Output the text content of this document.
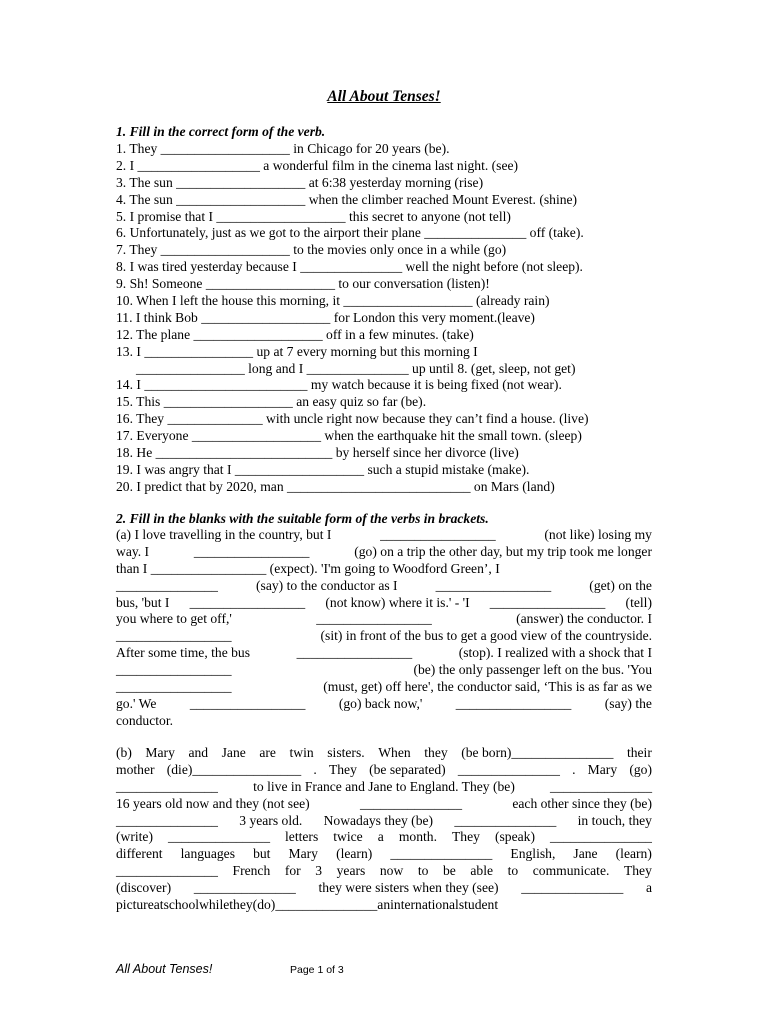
All About Tenses!
1. Fill in the correct form of the verb.
1. They ___________________ in Chicago for 20 years (be).
2. I __________________ a wonderful film in the cinema last night. (see)
3. The sun ___________________ at 6:38 yesterday morning (rise)
4. The sun ___________________ when the climber reached Mount Everest. (shine)
5. I promise that I ___________________ this secret to anyone (not tell)
6. Unfortunately, just as we got to the airport their plane _______________ off (take).
7. They ___________________ to the movies only once in a while (go)
8. I was tired yesterday because I _______________ well the night before (not sleep).
9. Sh! Someone ___________________ to our conversation (listen)!
10. When I left the house this morning, it ___________________ (already rain)
11. I think Bob ___________________ for London this very moment.(leave)
12. The plane ___________________ off in a few minutes. (take)
13. I ________________ up at 7 every morning but this morning I
________________ long and I _______________ up until 8. (get, sleep, not get)
14. I ________________________ my watch because it is being fixed (not wear).
15. This ___________________ an easy quiz so far (be).
16. They ______________ with uncle right now because they can’t find a house. (live)
17. Everyone ___________________ when the earthquake hit the small town. (sleep)
18. He __________________________ by herself since her divorce (live)
19. I was angry that I ___________________ such a stupid mistake (make).
20. I predict that by 2020, man ___________________________ on Mars (land)
2. Fill in the blanks with the suitable form of the verbs in brackets.
(a) I love travelling in the country, but I	_________________	(not like) losing my
way. I	_________________	(go) on a trip the other day, but my trip took me longer
than I _________________ (expect). 'I'm going to Woodford Green’, I
_______________	(say) to the conductor as I	_________________	(get) on the
bus, 'but I _________________ (not know) where it is.' - 'I _________________ (tell)
you where to get off,'	_________________	(answer) the conductor. I
_________________	(sit) in front of the bus to get a good view of the countryside.
After some time, the bus	_________________	(stop). I realized with a shock that I
_________________	(be) the only passenger left on the bus. 'You
_________________	(must, get) off here', the conductor said, ‘This is as far as we
go.' We _________________ (go) back now,' _________________ (say) the
conductor.
(b) Mary and Jane are twin sisters. When they (be born)_______________ their
mother (die)________________ . They (be separated) _______________ . Mary (go)
_______________	to live in France and Jane to England. They (be)	_______________
16 years old now and they (not see)	_______________	each other since they (be)
_______________ 3 years old. Nowadays they (be) _______________ in touch, they
(write) _______________ letters twice a month. They (speak) _______________
different languages but Mary (learn) _______________ English, Jane (learn)
_______________ French for 3 years now to be able to communicate. They
(discover) _______________ they were sisters when they (see) _______________ a
picture at school while they (do) _______________ an international student
All About Tenses!	Page 1 of 3
